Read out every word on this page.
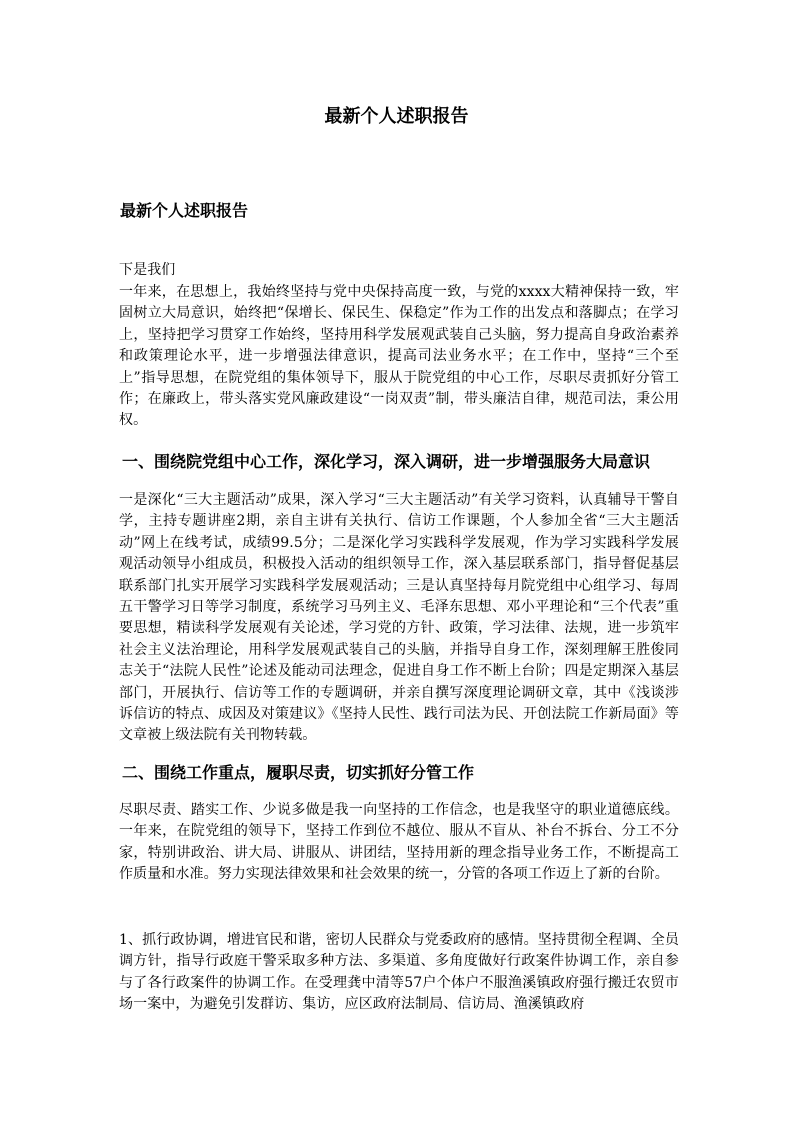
最新个人述职报告
最新个人述职报告
下是我们
一年来，在思想上，我始终坚持与党中央保持高度一致，与党的xxxx大精神保持一致，牢固树立大局意识，始终把“保增长、保民生、保稳定”作为工作的出发点和落脚点；在学习上，坚持把学习贯穿工作始终，坚持用科学发展观武装自己头脑，努力提高自身政治素养和政策理论水平，进一步增强法律意识，提高司法业务水平；在工作中，坚持“三个至上”指导思想，在院党组的集体领导下，服从于院党组的中心工作，尽职尽责抓好分管工作；在廉政上，带头落实党风廉政建设“一岗双责”制，带头廉洁自律，规范司法，秉公用权。
一、围绕院党组中心工作，深化学习，深入调研，进一步增强服务大局意识
一是深化“三大主题活动”成果，深入学习“三大主题活动”有关学习资料，认真辅导干警自学，主持专题讲座2期，亲自主讲有关执行、信访工作课题，个人参加全省“三大主题活动”网上在线考试，成绩99.5分；二是深化学习实践科学发展观，作为学习实践科学发展观活动领导小组成员，积极投入活动的组织领导工作，深入基层联系部门，指导督促基层联系部门扎实开展学习实践科学发展观活动；三是认真坚持每月院党组中心组学习、每周五干警学习日等学习制度，系统学习马列主义、毛泽东思想、邓小平理论和“三个代表”重要思想，精读科学发展观有关论述，学习党的方针、政策，学习法律、法规，进一步筑牢社会主义法治理论，用科学发展观武装自己的头脑，并指导自身工作，深刻理解王胜俊同志关于“法院人民性”论述及能动司法理念，促进自身工作不断上台阶；四是定期深入基层部门，开展执行、信访等工作的专题调研，并亲自撰写深度理论调研文章，其中《浅谈涉诉信访的特点、成因及对策建议》《坚持人民性、践行司法为民、开创法院工作新局面》等文章被上级法院有关刊物转载。
二、围绕工作重点，履职尽责，切实抓好分管工作
尽职尽责、踏实工作、少说多做是我一向坚持的工作信念，也是我坚守的职业道德底线。一年来，在院党组的领导下，坚持工作到位不越位、服从不盲从、补台不拆台、分工不分家，特别讲政治、讲大局、讲服从、讲团结，坚持用新的理念指导业务工作，不断提高工作质量和水准。努力实现法律效果和社会效果的统一，分管的各项工作迈上了新的台阶。
1、抓行政协调，增进官民和谐，密切人民群众与党委政府的感情。坚持贯彻全程调、全员调方针，指导行政庭干警采取多种方法、多渠道、多角度做好行政案件协调工作，亲自参与了各行政案件的协调工作。在受理龚中清等57户个体户不服渔溪镇政府强行搬迁农贸市场一案中，为避免引发群访、集访，应区政府法制局、信访局、渔溪镇政府
